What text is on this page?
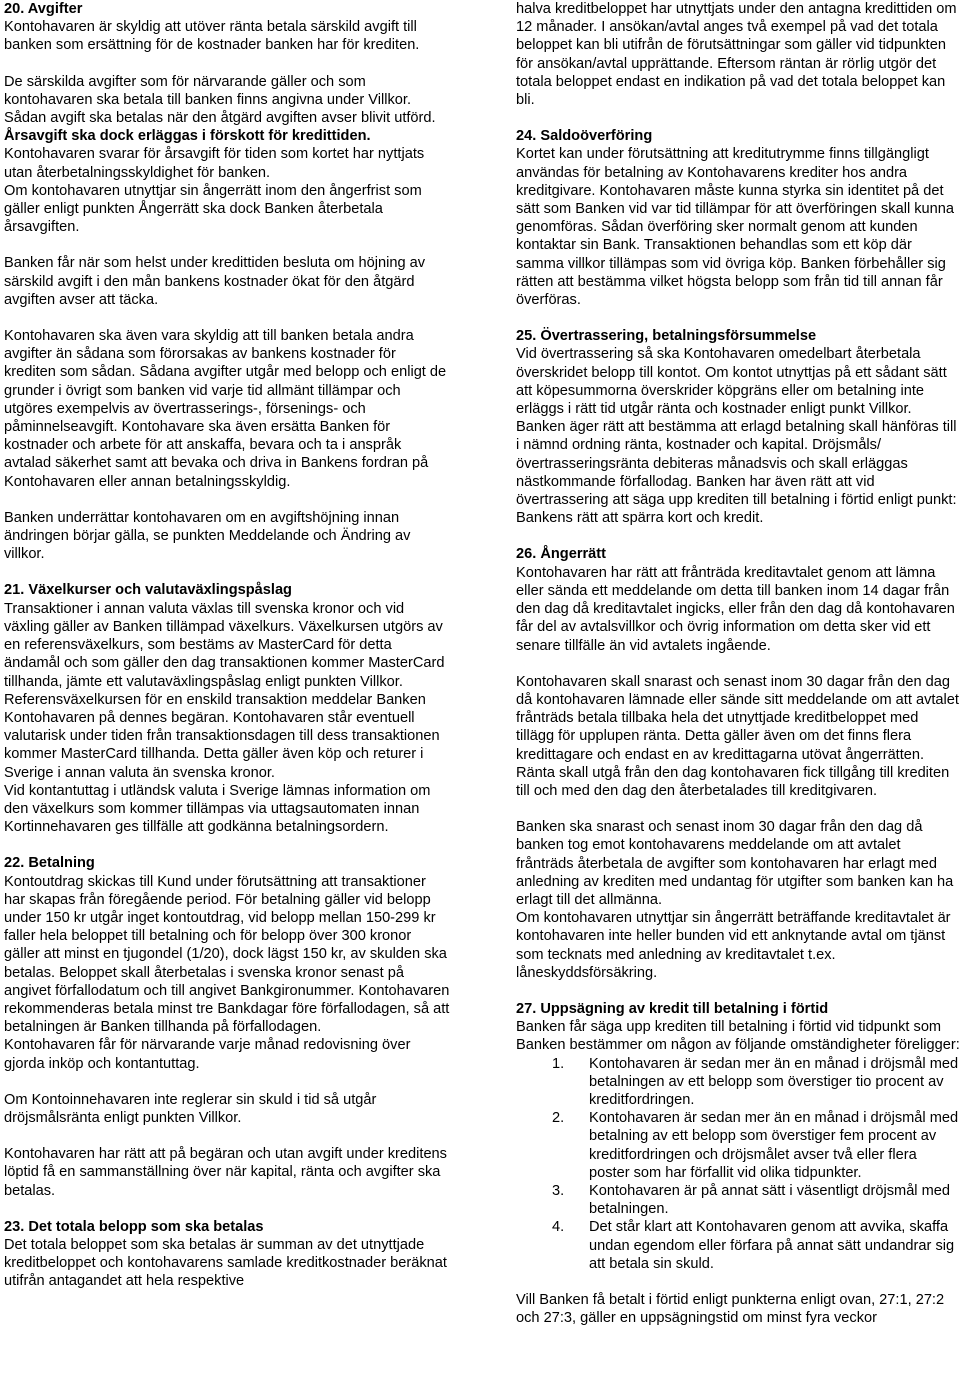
20. Avgifter

Kontohavaren är skyldig att utöver ränta betala särskild avgift till banken som ersättning för de kostnader banken har för krediten.

De särskilda avgifter som för närvarande gäller och som kontohavaren ska betala till banken finns angivna under Villkor. Sådan avgift ska betalas när den åtgärd avgiften avser blivit utförd. Årsavgift ska dock erläggas i förskott för kredittiden. Kontohavaren svarar för årsavgift för tiden som kortet har nyttjats utan återbetalningsskyldighet för banken.

Om kontohavaren utnyttjar sin ångerrätt inom den ångerfrist som gäller enligt punkten Ångerrätt ska dock Banken återbetala årsavgiften.

Banken får när som helst under kredittiden besluta om höjning av särskild avgift i den mån bankens kostnader ökat för den åtgärd avgiften avser att täcka.

Kontohavaren ska även vara skyldig att till banken betala andra avgifter än sådana som förorsakas av bankens kostnader för krediten som sådan. Sådana avgifter utgår med belopp och enligt de grunder i övrigt som banken vid varje tid allmänt tillämpar och utgöres exempelvis av övertrasserings-, försenings- och påminnelseavgift. Kontohavare ska även ersätta Banken för kostnader och arbete för att anskaffa, bevara och ta i anspråk avtalad säkerhet samt att bevaka och driva in Bankens fordran på Kontohavaren eller annan betalningsskyldig.

Banken underrättar kontohavaren om en avgiftshöjning innan ändringen börjar gälla, se punkten Meddelande och Ändring av villkor.

21. Växelkurser och valutaväxlingspåslag

Transaktioner i annan valuta växlas till svenska kronor och vid växling gäller av Banken tillämpad växelkurs. Växelkursen utgörs av en referensväxelkurs, som bestäms av MasterCard för detta ändamål och som gäller den dag transaktionen kommer MasterCard tillhanda, jämte ett valutaväxlingspåslag enligt punkten Villkor. Referensväxelkursen för en enskild transaktion meddelar Banken Kontohavaren på dennes begäran. Kontohavaren står eventuell valutarisk under tiden från transaktionsdagen till dess transaktionen kommer MasterCard tillhanda. Detta gäller även köp och returer i Sverige i annan valuta än svenska kronor.

Vid kontantuttag i utländsk valuta i Sverige lämnas information om den växelkurs som kommer tillämpas via uttagsautomaten innan Kortinnehavaren ges tillfälle att godkänna betalningsordern.

22. Betalning

Kontoutdrag skickas till Kund under förutsättning att transaktioner har skapas från föregående period. För betalning gäller vid belopp under 150 kr utgår inget kontoutdrag, vid belopp mellan 150-299 kr faller hela beloppet till betalning och för belopp över 300 kronor gäller att minst en tjugondel (1/20), dock lägst 150 kr, av skulden ska betalas. Beloppet skall återbetalas i svenska kronor senast på angivet förfallodatum och till angivet Bankgironummer. Kontohavaren rekommenderas betala minst tre Bankdagar före förfallodagen, så att betalningen är Banken tillhanda på förfallodagen.

Kontohavaren får för närvarande varje månad redovisning över gjorda inköp och kontantuttag.

Om Kontoinnehavaren inte reglerar sin skuld i tid så utgår dröjsmålsränta enligt punkten Villkor.

Kontohavaren har rätt att på begäran och utan avgift under kreditens löptid få en sammanställning över när kapital, ränta och avgifter ska betalas.

23. Det totala belopp som ska betalas

Det totala beloppet som ska betalas är summan av det utnyttjade kreditbeloppet och kontohavarens samlade kreditkostnader beräknat utifrån antagandet att hela respektive

halva kreditbeloppet har utnyttjats under den antagna kredittiden om 12 månader. I ansökan/avtal anges två exempel på vad det totala beloppet kan bli utifrån de förutsättningar som gäller vid tidpunkten för ansökan/avtal upprättande. Eftersom räntan är rörlig utgör det totala beloppet endast en indikation på vad det totala beloppet kan bli.

24. Saldoöverföring

Kortet kan under förutsättning att kreditutrymme finns tillgängligt användas för betalning av Kontohavarens krediter hos andra kreditgivare. Kontohavaren måste kunna styrka sin identitet på det sätt som Banken vid var tid tillämpar för att överföringen skall kunna genomföras. Sådan överföring sker normalt genom att kunden kontaktar sin Bank. Transaktionen behandlas som ett köp där samma villkor tillämpas som vid övriga köp. Banken förbehåller sig rätten att bestämma vilket högsta belopp som från tid till annan får överföras.

25. Övertrassering, betalningsförsummelse

Vid övertrassering så ska Kontohavaren omedelbart återbetala överskridet belopp till kontot. Om kontot utnyttjas på ett sådant sätt att köpesummorna överskrider köpgräns eller om betalning inte erläggs i rätt tid utgår ränta och kostnader enligt punkt Villkor. Banken äger rätt att bestämma att erlagd betalning skall hänföras till i nämnd ordning ränta, kostnader och kapital. Dröjsmåls/övertrasseringsränta debiteras månadsvis och skall erläggas nästkommande förfallodag. Banken har även rätt att vid övertrassering att säga upp krediten till betalning i förtid enligt punkt: Bankens rätt att spärra kort och kredit.

26. Ångerrätt

Kontohavaren har rätt att frånträda kreditavtalet genom att lämna eller sända ett meddelande om detta till banken inom 14 dagar från den dag då kreditavtalet ingicks, eller från den dag då kontohavaren får del av avtalsvillkor och övrig information om detta sker vid ett senare tillfälle än vid avtalets ingående.

Kontohavaren skall snarast och senast inom 30 dagar från den dag då kontohavaren lämnade eller sände sitt meddelande om att avtalet frånträds betala tillbaka hela det utnyttjade kreditbeloppet med tillägg för upplupen ränta. Detta gäller även om det finns flera kredittagare och endast en av kredittagarna utövat ångerrätten. Ränta skall utgå från den dag kontohavaren fick tillgång till krediten till och med den dag den återbetalades till kreditgivaren.

Banken ska snarast och senast inom 30 dagar från den dag då banken tog emot kontohavarens meddelande om att avtalet frånträds återbetala de avgifter som kontohavaren har erlagt med anledning av krediten med undantag för utgifter som banken kan ha erlagt till det allmänna.

Om kontohavaren utnyttjar sin ångerrätt beträffande kreditavtalet är kontohavaren inte heller bunden vid ett anknytande avtal om tjänst som tecknats med anledning av kreditavtalet t.ex. låneskyddsförsäkring.

27. Uppsägning av kredit till betalning i förtid

Banken får säga upp krediten till betalning i förtid vid tidpunkt som Banken bestämmer om någon av följande omständigheter föreligger:

1. Kontohavaren är sedan mer än en månad i dröjsmål med betalningen av ett belopp som överstiger tio procent av kreditfordringen.
2. Kontohavaren är sedan mer än en månad i dröjsmål med betalning av ett belopp som överstiger fem procent av kreditfordringen och dröjsmålet avser två eller flera poster som har förfallit vid olika tidpunkter.
3. Kontohavaren är på annat sätt i väsentligt dröjsmål med betalningen.
4. Det står klart att Kontohavaren genom att avvika, skaffa undan egendom eller förfara på annat sätt undandrar sig att betala sin skuld.

Vill Banken få betalt i förtid enligt punkterna enligt ovan, 27:1, 27:2 och 27:3, gäller en uppsägningstid om minst fyra veckor
